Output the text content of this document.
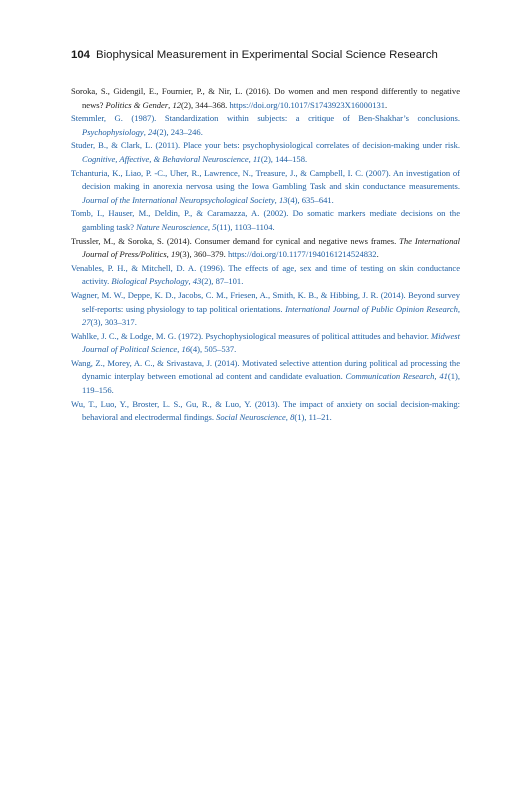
104 Biophysical Measurement in Experimental Social Science Research
Soroka, S., Gidengil, E., Fournier, P., & Nir, L. (2016). Do women and men respond differently to negative news? Politics & Gender, 12(2), 344–368. https://doi.org/10.1017/S1743923X16000131.
Stemmler, G. (1987). Standardization within subjects: a critique of Ben-Shakhar’s conclusions. Psychophysiology, 24(2), 243–246.
Studer, B., & Clark, L. (2011). Place your bets: psychophysiological correlates of decision-making under risk. Cognitive, Affective, & Behavioral Neuroscience, 11(2), 144–158.
Tchanturia, K., Liao, P. -C., Uher, R., Lawrence, N., Treasure, J., & Campbell, I. C. (2007). An investigation of decision making in anorexia nervosa using the Iowa Gambling Task and skin conductance measurements. Journal of the International Neuropsychological Society, 13(4), 635–641.
Tomb, I., Hauser, M., Deldin, P., & Caramazza, A. (2002). Do somatic markers mediate decisions on the gambling task? Nature Neuroscience, 5(11), 1103–1104.
Trussler, M., & Soroka, S. (2014). Consumer demand for cynical and negative news frames. The International Journal of Press/Politics, 19(3), 360–379. https://doi.org/10.1177/1940161214524832.
Venables, P. H., & Mitchell, D. A. (1996). The effects of age, sex and time of testing on skin conductance activity. Biological Psychology, 43(2), 87–101.
Wagner, M. W., Deppe, K. D., Jacobs, C. M., Friesen, A., Smith, K. B., & Hibbing, J. R. (2014). Beyond survey self-reports: using physiology to tap political orientations. International Journal of Public Opinion Research, 27(3), 303–317.
Wahlke, J. C., & Lodge, M. G. (1972). Psychophysiological measures of political attitudes and behavior. Midwest Journal of Political Science, 16(4), 505–537.
Wang, Z., Morey, A. C., & Srivastava, J. (2014). Motivated selective attention during political ad processing the dynamic interplay between emotional ad content and candidate evaluation. Communication Research, 41(1), 119–156.
Wu, T., Luo, Y., Broster, L. S., Gu, R., & Luo, Y. (2013). The impact of anxiety on social decision-making: behavioral and electrodermal findings. Social Neuroscience, 8(1), 11–21.
